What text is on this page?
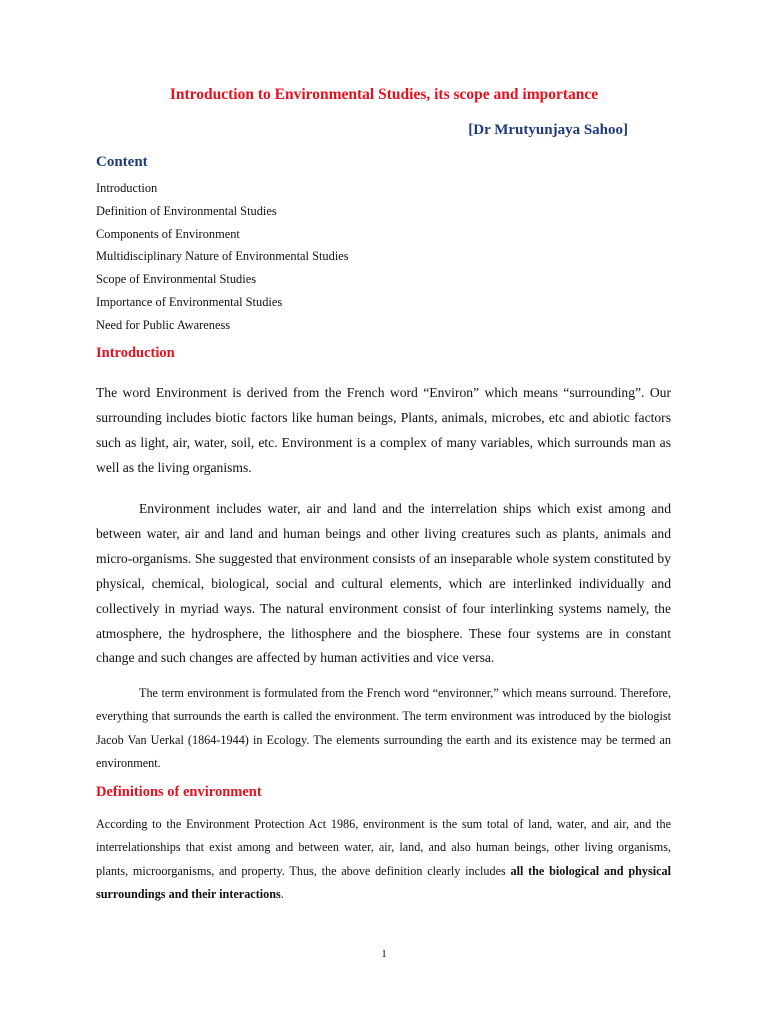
Introduction to Environmental Studies, its scope and importance

[Dr Mrutyunjaya Sahoo]

Content
Introduction
Definition of Environmental Studies
Components of Environment
Multidisciplinary Nature of Environmental Studies
Scope of Environmental Studies
Importance of Environmental Studies
Need for Public Awareness
Introduction

The word Environment is derived from the French word “Environ” which means “surrounding”. Our surrounding includes biotic factors like human beings, Plants, animals, microbes, etc and abiotic factors such as light, air, water, soil, etc. Environment is a complex of many variables, which surrounds man as well as the living organisms.

Environment includes water, air and land and the interrelation ships which exist among and between water, air and land and human beings and other living creatures such as plants, animals and micro-organisms. She suggested that environment consists of an inseparable whole system constituted by physical, chemical, biological, social and cultural elements, which are interlinked individually and collectively in myriad ways. The natural environment consist of four interlinking systems namely, the atmosphere, the hydrosphere, the lithosphere and the biosphere. These four systems are in constant change and such changes are affected by human activities and vice versa.

The term environment is formulated from the French word “environner,” which means surround. Therefore, everything that surrounds the earth is called the environment. The term environment was introduced by the biologist Jacob Van Uerkal (1864-1944) in Ecology. The elements surrounding the earth and its existence may be termed an environment.

Definitions of environment

According to the Environment Protection Act 1986, environment is the sum total of land, water, and air, and the interrelationships that exist among and between water, air, land, and also human beings, other living organisms, plants, microorganisms, and property. Thus, the above definition clearly includes all the biological and physical surroundings and their interactions.

1
